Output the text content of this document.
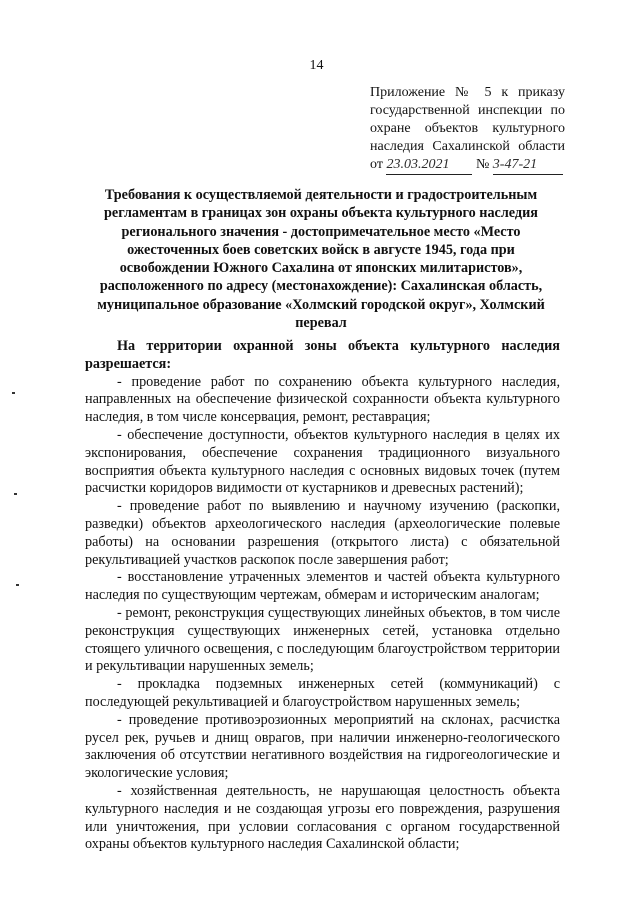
14
Приложение № 5 к приказу
государственной инспекции по
охране объектов культурного
наследия Сахалинской области
от 23.03.2021 № 3-47-21
Требования к осуществляемой деятельности и градостроительным регламентам в границах зон охраны объекта культурного наследия регионального значения - достопримечательное место «Место ожесточенных боев советских войск в августе 1945, года при освобождении Южного Сахалина от японских милитаристов», расположенного по адресу (местонахождение): Сахалинская область, муниципальное образование «Холмский городской округ», Холмский перевал

На территории охранной зоны объекта культурного наследия разрешается:

- проведение работ по сохранению объекта культурного наследия, направленных на обеспечение физической сохранности объекта культурного наследия, в том числе консервация, ремонт, реставрация;

- обеспечение доступности, объектов культурного наследия в целях их экспонирования, обеспечение сохранения традиционного визуального восприятия объекта культурного наследия с основных видовых точек (путем расчистки коридоров видимости от кустарников и древесных растений);

- проведение работ по выявлению и научному изучению (раскопки, разведки) объектов археологического наследия (археологические полевые работы) на основании разрешения (открытого листа) с обязательной рекультивацией участков раскопок после завершения работ;

- восстановление утраченных элементов и частей объекта культурного наследия по существующим чертежам, обмерам и историческим аналогам;

- ремонт, реконструкция существующих линейных объектов, в том числе реконструкция существующих инженерных сетей, установка отдельно стоящего уличного освещения, с последующим благоустройством территории и рекультивации нарушенных земель;

- прокладка подземных инженерных сетей (коммуникаций) с последующей рекультивацией и благоустройством нарушенных земель;

- проведение противоэрозионных мероприятий на склонах, расчистка русел рек, ручьев и днищ оврагов, при наличии инженерно-геологического заключения об отсутствии негативного воздействия на гидрогеологические и экологические условия;

- хозяйственная деятельность, не нарушающая целостность объекта культурного наследия и не создающая угрозы его повреждения, разрушения или уничтожения, при условии согласования с органом государственной охраны объектов культурного наследия Сахалинской области;
